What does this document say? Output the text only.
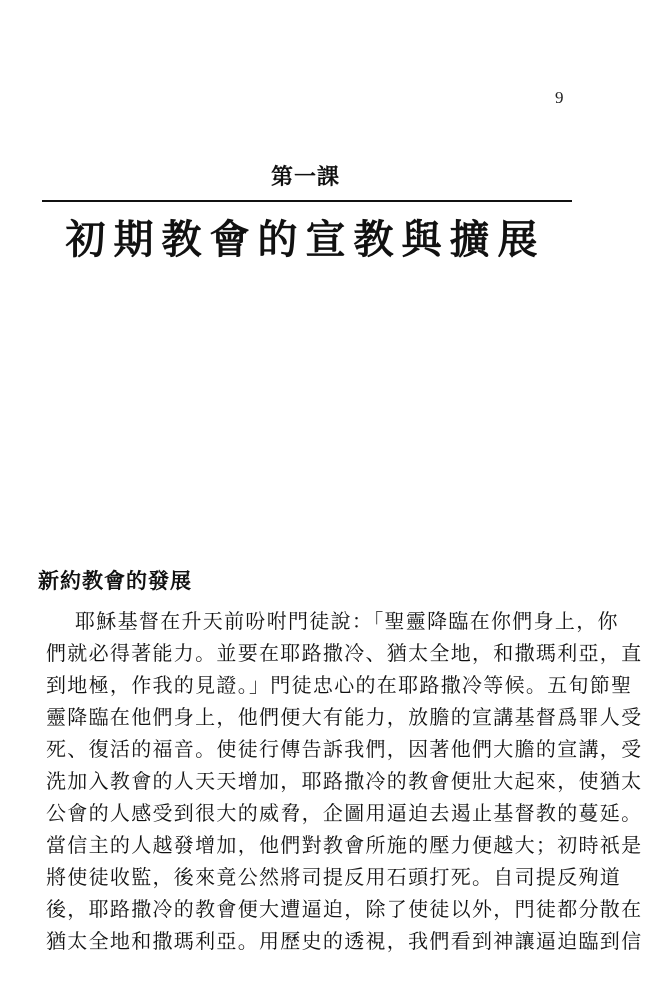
9
第一課
初期教會的宣教與擴展
新約教會的發展
耶穌基督在升天前吩咐門徒說：「聖靈降臨在你們身上，你
們就必得著能力。並要在耶路撒冷、猶太全地，和撒瑪利亞，直
到地極，作我的見證。」門徒忠心的在耶路撒冷等候。五旬節聖
靈降臨在他們身上，他們便大有能力，放膽的宣講基督爲罪人受
死、復活的福音。使徒行傳告訴我們，因著他們大膽的宣講，受
洗加入教會的人天天增加，耶路撒冷的教會便壯大起來，使猶太
公會的人感受到很大的威脅，企圖用逼迫去遏止基督教的蔓延。
當信主的人越發增加，他們對教會所施的壓力便越大；初時祇是
將使徒收監，後來竟公然將司提反用石頭打死。自司提反殉道
後，耶路撒冷的教會便大遭逼迫，除了使徒以外，門徒都分散在
猶太全地和撒瑪利亞。用歷史的透視，我們看到神讓逼迫臨到信
